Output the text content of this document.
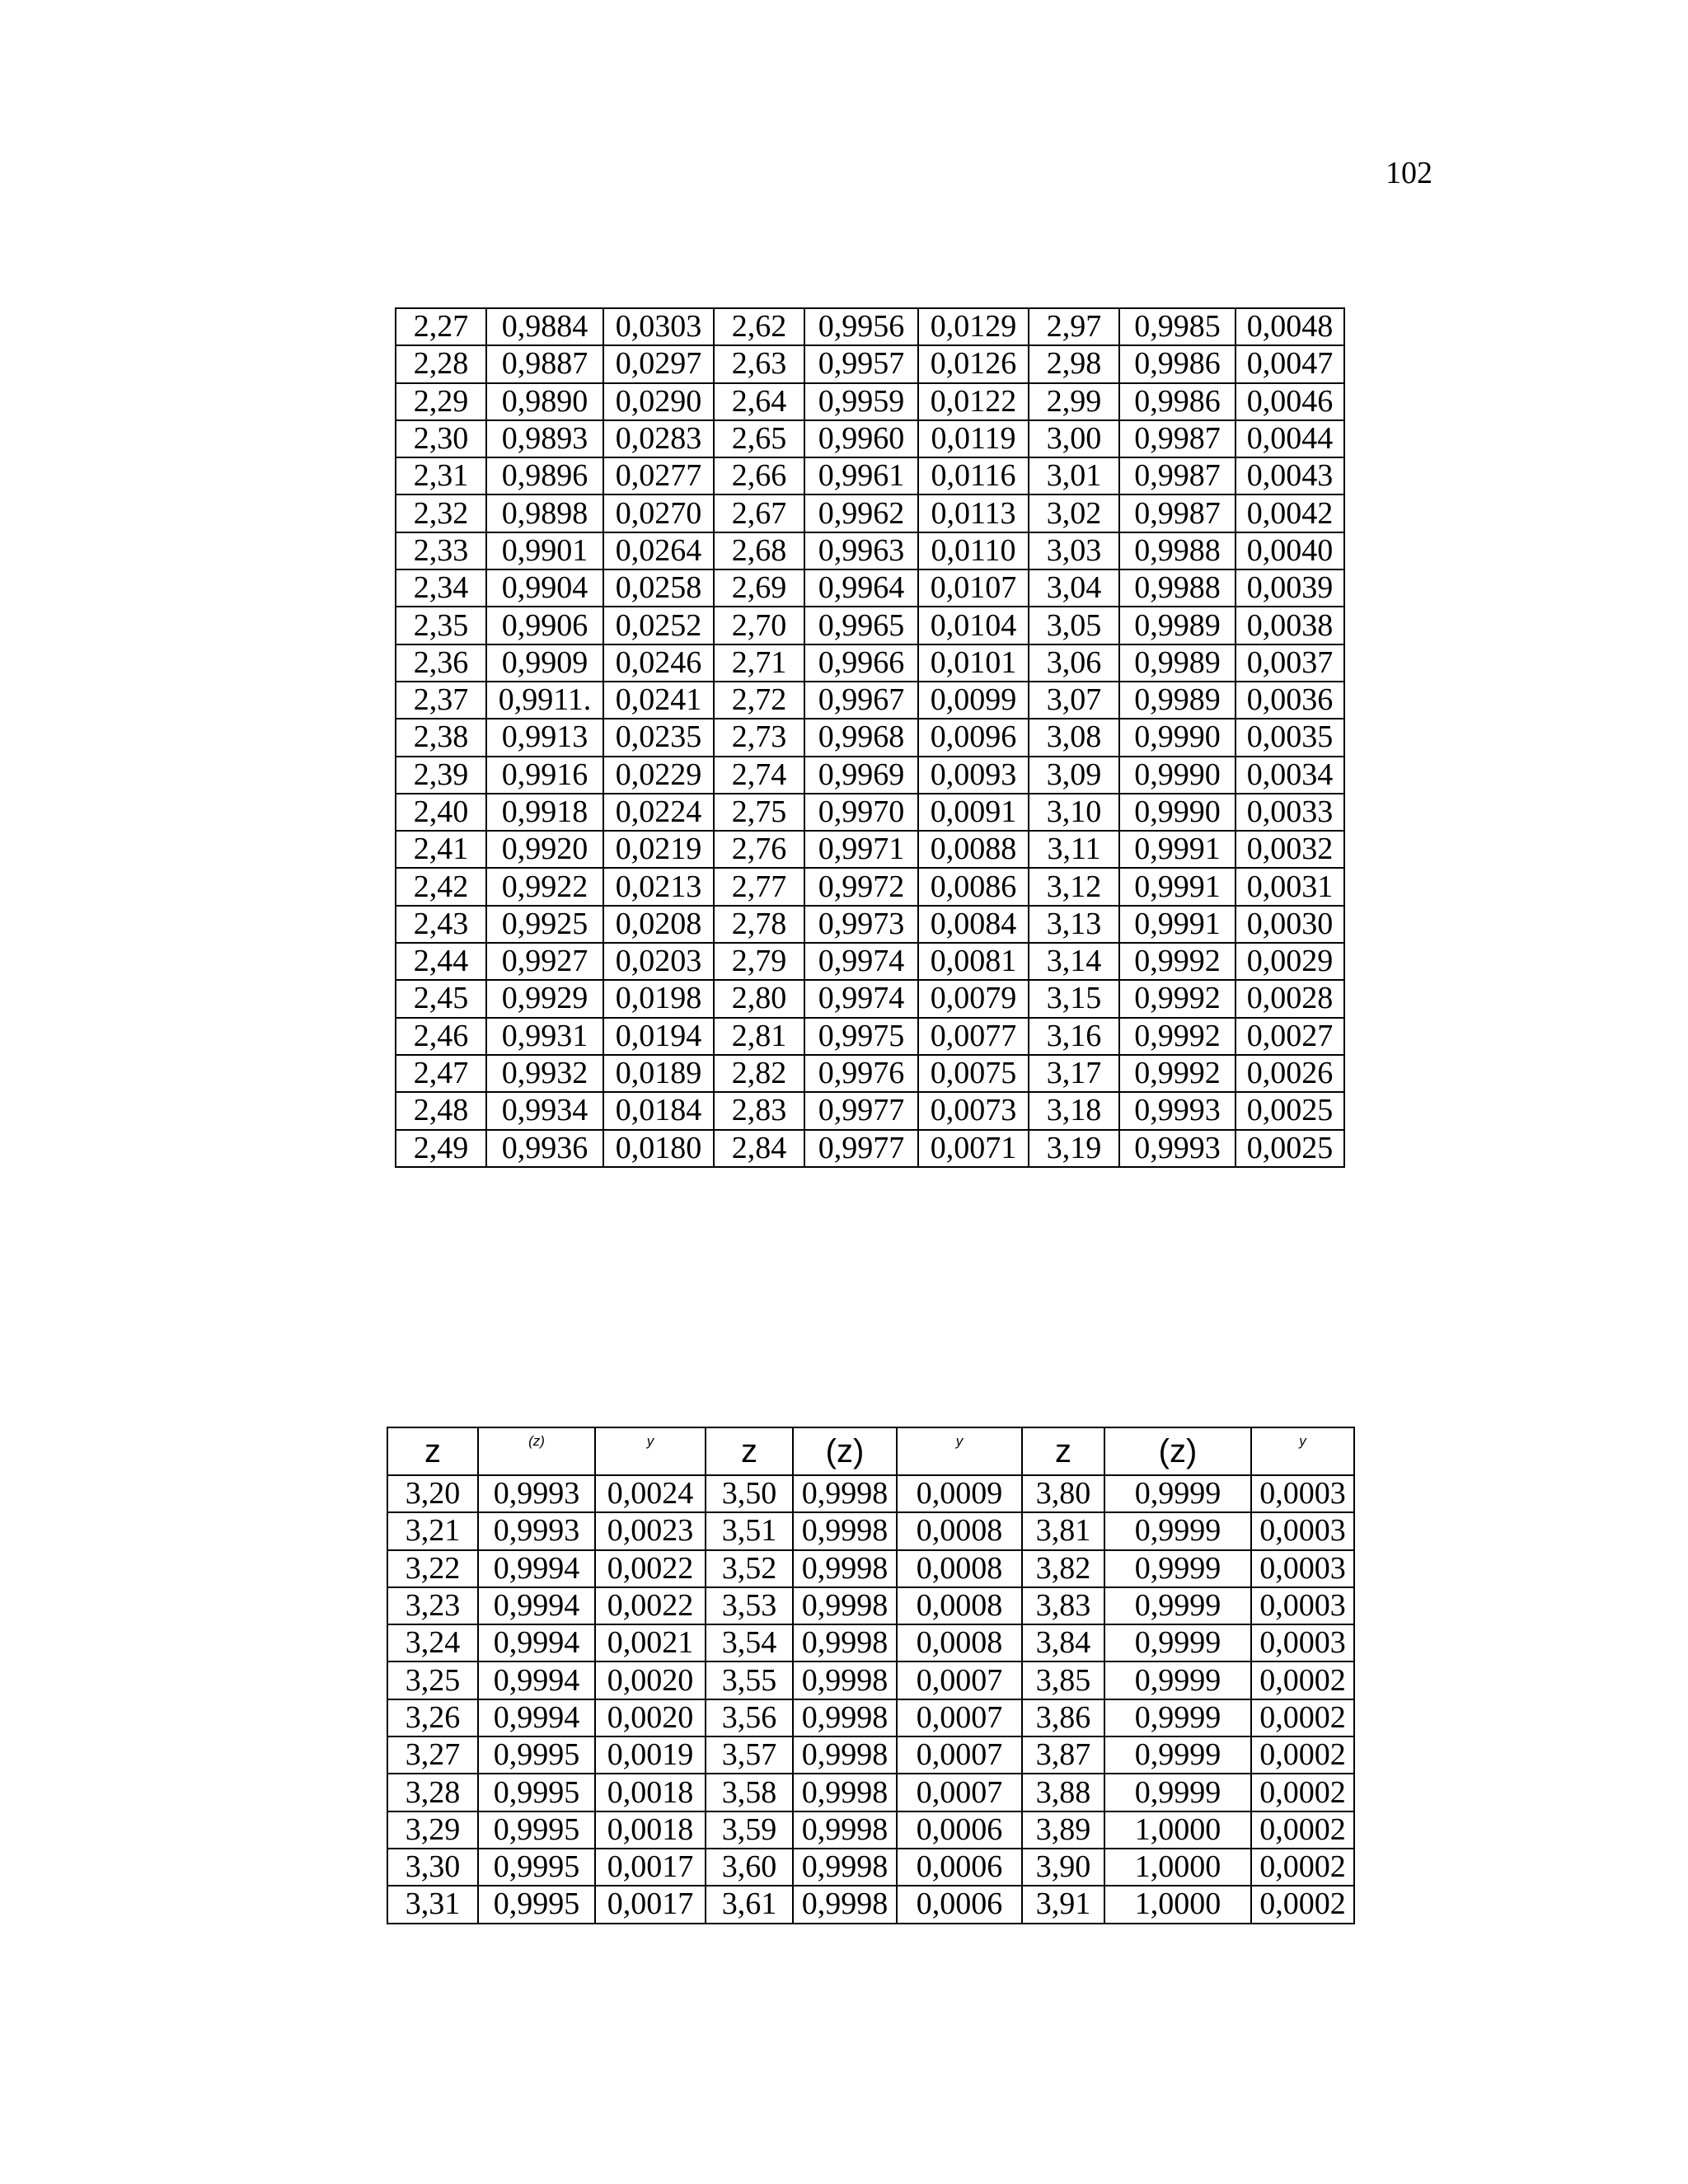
102
2,27	0,9884	0,0303	2,62	0,9956	0,0129	2,97	0,9985	0,0048
2,28	0,9887	0,0297	2,63	0,9957	0,0126	2,98	0,9986	0,0047
2,29	0,9890	0,0290	2,64	0,9959	0,0122	2,99	0,9986	0,0046
2,30	0,9893	0,0283	2,65	0,9960	0,0119	3,00	0,9987	0,0044
2,31	0,9896	0,0277	2,66	0,9961	0,0116	3,01	0,9987	0,0043
2,32	0,9898	0,0270	2,67	0,9962	0,0113	3,02	0,9987	0,0042
2,33	0,9901	0,0264	2,68	0,9963	0,0110	3,03	0,9988	0,0040
2,34	0,9904	0,0258	2,69	0,9964	0,0107	3,04	0,9988	0,0039
2,35	0,9906	0,0252	2,70	0,9965	0,0104	3,05	0,9989	0,0038
2,36	0,9909	0,0246	2,71	0,9966	0,0101	3,06	0,9989	0,0037
2,37	0,9911.	0,0241	2,72	0,9967	0,0099	3,07	0,9989	0,0036
2,38	0,9913	0,0235	2,73	0,9968	0,0096	3,08	0,9990	0,0035
2,39	0,9916	0,0229	2,74	0,9969	0,0093	3,09	0,9990	0,0034
2,40	0,9918	0,0224	2,75	0,9970	0,0091	3,10	0,9990	0,0033
2,41	0,9920	0,0219	2,76	0,9971	0,0088	3,11	0,9991	0,0032
2,42	0,9922	0,0213	2,77	0,9972	0,0086	3,12	0,9991	0,0031
2,43	0,9925	0,0208	2,78	0,9973	0,0084	3,13	0,9991	0,0030
2,44	0,9927	0,0203	2,79	0,9974	0,0081	3,14	0,9992	0,0029
2,45	0,9929	0,0198	2,80	0,9974	0,0079	3,15	0,9992	0,0028
2,46	0,9931	0,0194	2,81	0,9975	0,0077	3,16	0,9992	0,0027
2,47	0,9932	0,0189	2,82	0,9976	0,0075	3,17	0,9992	0,0026
2,48	0,9934	0,0184	2,83	0,9977	0,0073	3,18	0,9993	0,0025
2,49	0,9936	0,0180	2,84	0,9977	0,0071	3,19	0,9993	0,0025
z	(z)	y	z	(z)	y	z	(z)	y
3,20	0,9993	0,0024	3,50	0,9998	0,0009	3,80	0,9999	0,0003
3,21	0,9993	0,0023	3,51	0,9998	0,0008	3,81	0,9999	0,0003
3,22	0,9994	0,0022	3,52	0,9998	0,0008	3,82	0,9999	0,0003
3,23	0,9994	0,0022	3,53	0,9998	0,0008	3,83	0,9999	0,0003
3,24	0,9994	0,0021	3,54	0,9998	0,0008	3,84	0,9999	0,0003
3,25	0,9994	0,0020	3,55	0,9998	0,0007	3,85	0,9999	0,0002
3,26	0,9994	0,0020	3,56	0,9998	0,0007	3,86	0,9999	0,0002
3,27	0,9995	0,0019	3,57	0,9998	0,0007	3,87	0,9999	0,0002
3,28	0,9995	0,0018	3,58	0,9998	0,0007	3,88	0,9999	0,0002
3,29	0,9995	0,0018	3,59	0,9998	0,0006	3,89	1,0000	0,0002
3,30	0,9995	0,0017	3,60	0,9998	0,0006	3,90	1,0000	0,0002
3,31	0,9995	0,0017	3,61	0,9998	0,0006	3,91	1,0000	0,0002
